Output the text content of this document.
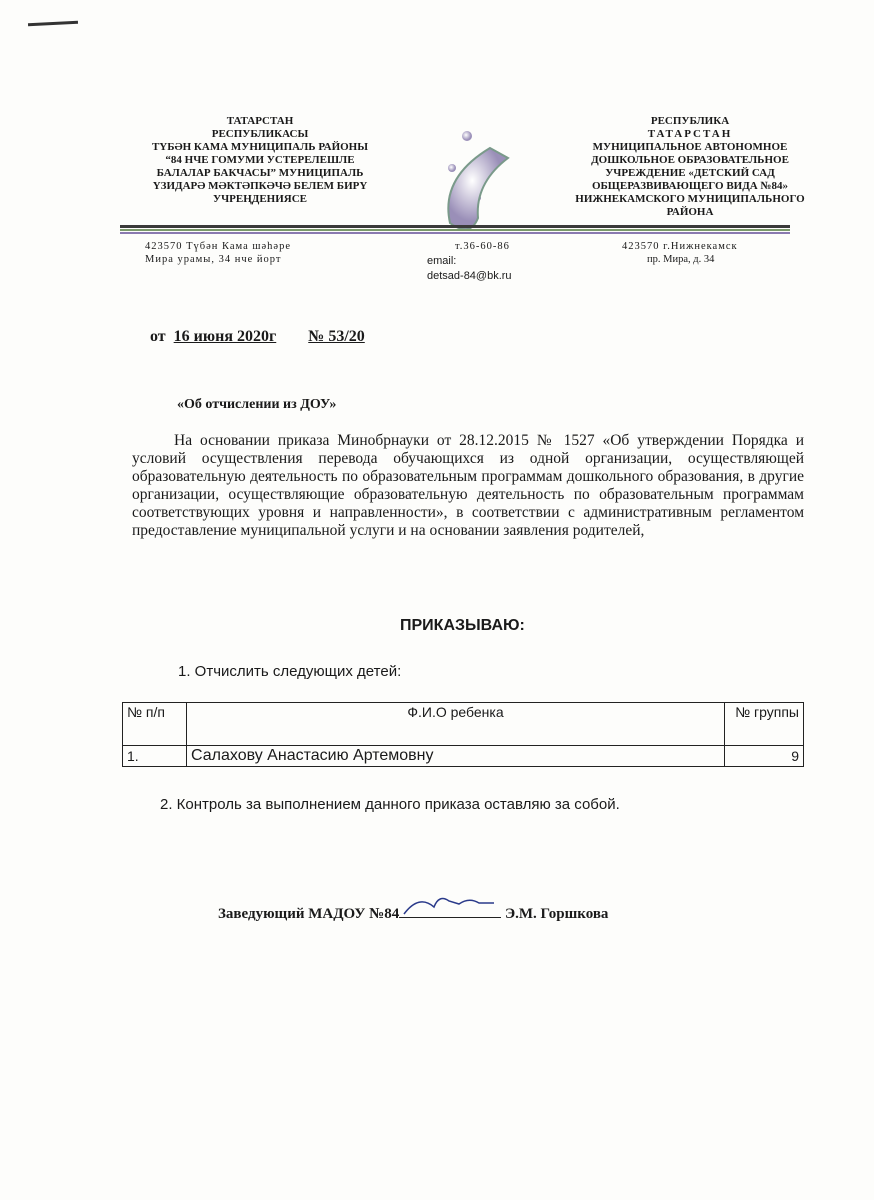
ТАТАРСТАН
РЕСПУБЛИКАСЫ
ТҮБӘН КАМА МУНИЦИПАЛЬ РАЙОНЫ
“84 НЧЕ ГОМУМИ УСТЕРЕЛЕШЛЕ
БАЛАЛАР БАКЧАСЫ” МУНИЦИПАЛЬ
ҮЗИДАРӘ МӘКТӘПКӘЧӘ БЕЛЕМ БИРҮ
УЧРЕҢДЕНИЯСЕ
РЕСПУБЛИКА
ТАТАРСТАН
МУНИЦИПАЛЬНОЕ АВТОНОМНОЕ
ДОШКОЛЬНОЕ ОБРАЗОВАТЕЛЬНОЕ
УЧРЕЖДЕНИЕ «ДЕТСКИЙ САД
ОБЩЕРАЗВИВАЮЩЕГО ВИДА №84»
НИЖНЕКАМСКОГО МУНИЦИПАЛЬНОГО
РАЙОНА
423570 Түбән Кама шәһәре
Мира урамы, 34 нче йорт
т.36-60-86
email:
detsad-84@bk.ru
423570 г.Нижнекамск
пр. Мира, д. 34
от 16 июня 2020г № 53/20
«Об отчислении из ДОУ»
На основании приказа Минобрнауки от 28.12.2015 № 1527 «Об утверждении Порядка и условий осуществления перевода обучающихся из одной организации, осуществляющей образовательную деятельность по образовательным программам дошкольного образования, в другие организации, осуществляющие образовательную деятельность по образовательным программам соответствующих уровня и направленности», в соответствии с административным регламентом предоставление муниципальной услуги и на основании заявления родителей,
ПРИКАЗЫВАЮ:
1. Отчислить следующих детей:
№ п/п	Ф.И.О ребенка	№ группы
1.	Салахову Анастасию Артемовну	9
2. Контроль за выполнением данного приказа оставляю за собой.
Заведующий МАДОУ №84	Э.М. Горшкова
